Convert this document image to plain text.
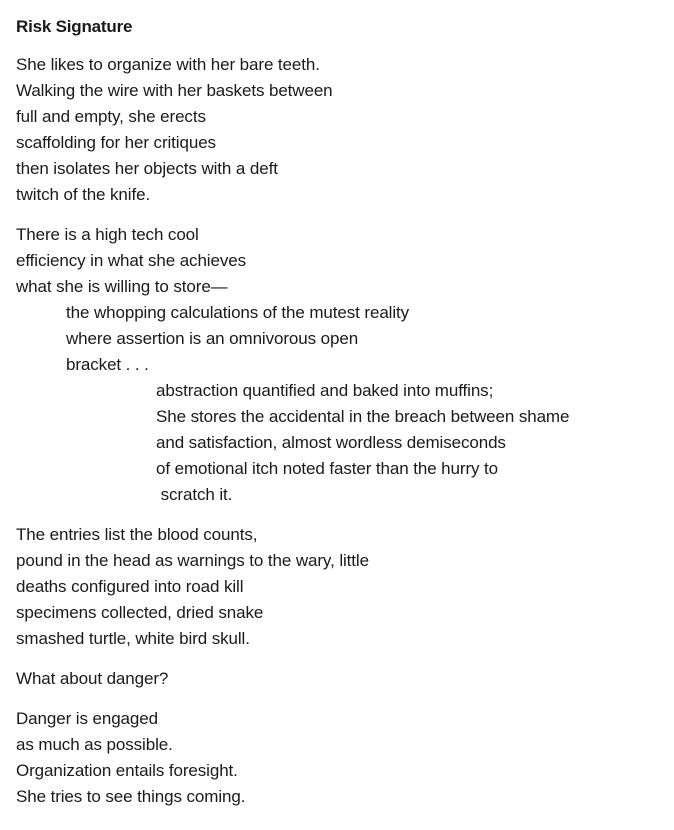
Risk Signature
She likes to organize with her bare teeth.
Walking the wire with her baskets between
full and empty, she erects
scaffolding for her critiques
then isolates her objects with a deft
twitch of the knife.
There is a high tech cool
efficiency in what she achieves
what she is willing to store—
the whopping calculations of the mutest reality
where assertion is an omnivorous open
bracket . . .
abstraction quantified and baked into muffins;
She stores the accidental in the breach between shame
and satisfaction, almost wordless demiseconds
of emotional itch noted faster than the hurry to
scratch it.
The entries list the blood counts,
pound in the head as warnings to the wary, little
deaths configured into road kill
specimens collected, dried snake
smashed turtle, white bird skull.
What about danger?
Danger is engaged
as much as possible.
Organization entails foresight.
She tries to see things coming.
